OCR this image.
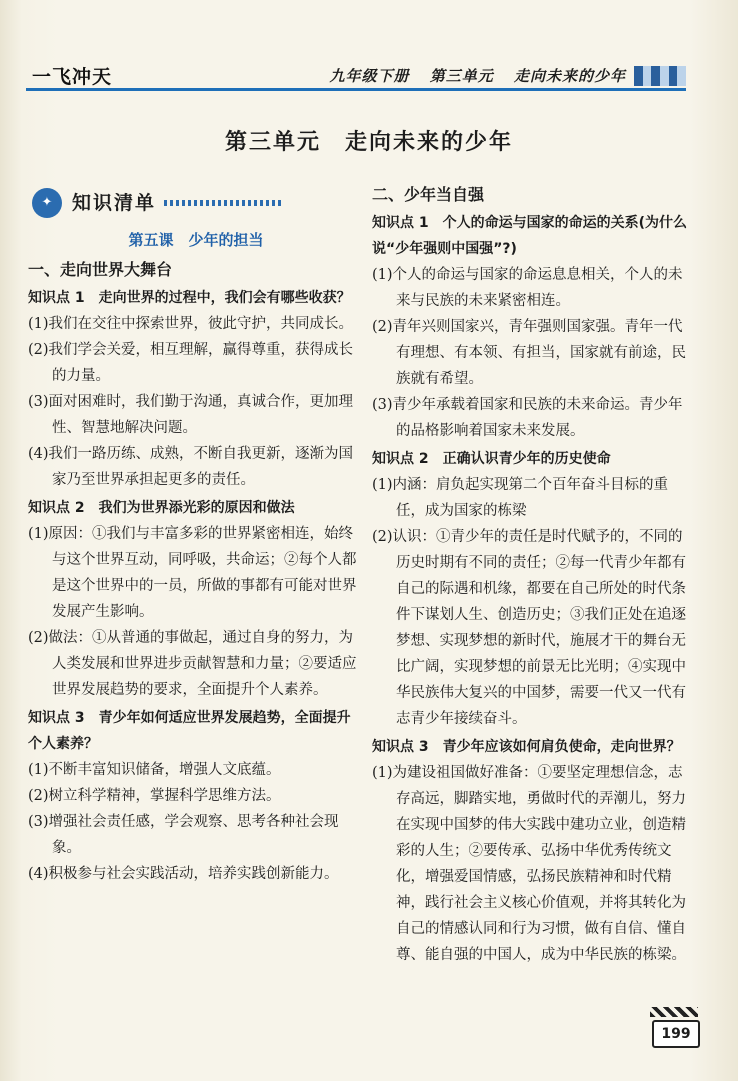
一飞冲天	九年级下册 第三单元 走向未来的少年
第三单元　走向未来的少年
✦	知识清单
第五课　少年的担当
一、走向世界大舞台
知识点 1　走向世界的过程中，我们会有哪些收获？
(1)我们在交往中探索世界，彼此守护，共同成长。
(2)我们学会关爱，相互理解，赢得尊重，获得成长的力量。
(3)面对困难时，我们勤于沟通，真诚合作，更加理性、智慧地解决问题。
(4)我们一路历练、成熟，不断自我更新，逐渐为国家乃至世界承担起更多的责任。
知识点 2　我们为世界添光彩的原因和做法
(1)原因：①我们与丰富多彩的世界紧密相连，始终与这个世界互动，同呼吸，共命运；②每个人都是这个世界中的一员，所做的事都有可能对世界发展产生影响。
(2)做法：①从普通的事做起，通过自身的努力，为人类发展和世界进步贡献智慧和力量；②要适应世界发展趋势的要求，全面提升个人素养。
知识点 3　青少年如何适应世界发展趋势，全面提升个人素养？
(1)不断丰富知识储备，增强人文底蕴。
(2)树立科学精神，掌握科学思维方法。
(3)增强社会责任感，学会观察、思考各种社会现象。
(4)积极参与社会实践活动，培养实践创新能力。
二、少年当自强
知识点 1　个人的命运与国家的命运的关系(为什么说“少年强则中国强”?)
(1)个人的命运与国家的命运息息相关，个人的未来与民族的未来紧密相连。
(2)青年兴则国家兴，青年强则国家强。青年一代有理想、有本领、有担当，国家就有前途，民族就有希望。
(3)青少年承载着国家和民族的未来命运。青少年的品格影响着国家未来发展。
知识点 2　正确认识青少年的历史使命
(1)内涵：肩负起实现第二个百年奋斗目标的重任，成为国家的栋梁
(2)认识：①青少年的责任是时代赋予的，不同的历史时期有不同的责任；②每一代青少年都有自己的际遇和机缘，都要在自己所处的时代条件下谋划人生、创造历史；③我们正处在追逐梦想、实现梦想的新时代，施展才干的舞台无比广阔，实现梦想的前景无比光明；④实现中华民族伟大复兴的中国梦，需要一代又一代有志青少年接续奋斗。
知识点 3　青少年应该如何肩负使命，走向世界？
(1)为建设祖国做好准备：①要坚定理想信念，志存高远，脚踏实地，勇做时代的弄潮儿，努力在实现中国梦的伟大实践中建功立业，创造精彩的人生；②要传承、弘扬中华优秀传统文化，增强爱国情感，弘扬民族精神和时代精神，践行社会主义核心价值观，并将其转化为自己的情感认同和行为习惯，做有自信、懂自尊、能自强的中国人，成为中华民族的栋梁。
199
